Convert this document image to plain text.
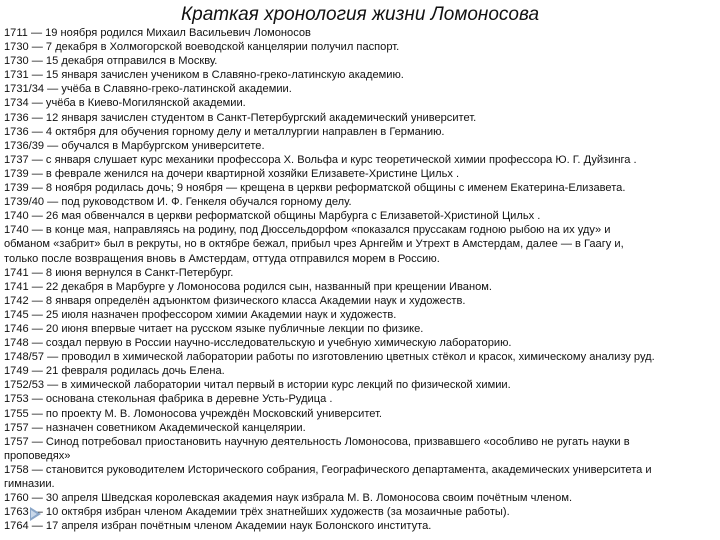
Краткая хронология жизни Ломоносова
1711 — 19 ноября родился Михаил Васильевич Ломоносов
1730 — 7 декабря в Холмогорской воеводской канцелярии получил паспорт.
1730 — 15 декабря отправился в Москву.
1731 — 15 января зачислен учеником в Славяно-греко-латинскую академию.
1731/34 — учёба в Славяно-греко-латинской академии.
1734 — учёба в Киево-Могилянской академии.
1736 — 12 января зачислен студентом в Санкт-Петербургский академический университет.
1736 — 4 октября для обучения горному делу и металлургии направлен в Германию.
1736/39 — обучался в Марбургском университете.
1737 — с января слушает курс механики профессора Х. Вольфа и курс теоретической химии профессора Ю. Г. Дуйзинга .
1739 — в феврале женился на дочери квартирной хозяйки Елизавете-Христине Цильх .
1739 — 8 ноября родилась дочь; 9 ноября — крещена в церкви реформатской общины с именем Екатерина-Елизавета.
1739/40 — под руководством И. Ф. Генкеля обучался горному делу.
1740 — 26 мая обвенчался в церкви реформатской общины Марбурга с Елизаветой-Христиной Цильх .
1740 — в конце мая, направляясь на родину, под Дюссельдорфом «показался пруссакам годною рыбою на их уду» и
обманом «забрит» был в рекруты, но в октябре бежал, прибыл чрез Арнгейм и Утрехт в Амстердам, далее — в Гаагу и,
только после возвращения вновь в Амстердам, оттуда отправился морем в Россию.
1741 — 8 июня вернулся в Санкт-Петербург.
1741 — 22 декабря в Марбурге у Ломоносова родился сын, названный при крещении Иваном.
1742 — 8 января определён адъюнктом физического класса Академии наук и художеств.
1745 — 25 июля назначен профессором химии Академии наук и художеств.
1746 — 20 июня впервые читает на русском языке публичные лекции по физике.
1748 — создал первую в России научно-исследовательскую и учебную химическую лабораторию.
1748/57 — проводил в химической лаборатории работы по изготовлению цветных стёкол и красок, химическому анализу руд.
1749 — 21 февраля родилась дочь Елена.
1752/53 — в химической лаборатории читал первый в истории курс лекций по физической химии.
1753 — основана стекольная фабрика в деревне Усть-Рудица .
1755 — по проекту М. В. Ломоносова учреждён Московский университет.
1757 — назначен советником Академической канцелярии.
1757 — Синод потребовал приостановить научную деятельность Ломоносова, призвавшего «особливо не ругать науки в
проповедях»
1758 — становится руководителем Исторического собрания, Географического департамента, академических университета и
гимназии.
1760 — 30 апреля Шведская королевская академия наук избрала М. В. Ломоносова своим почётным членом.
1763 — 10 октября избран членом Академии трёх знатнейших художеств (за мозаичные работы).
1764 — 17 апреля избран почётным членом Академии наук Болонского института.
